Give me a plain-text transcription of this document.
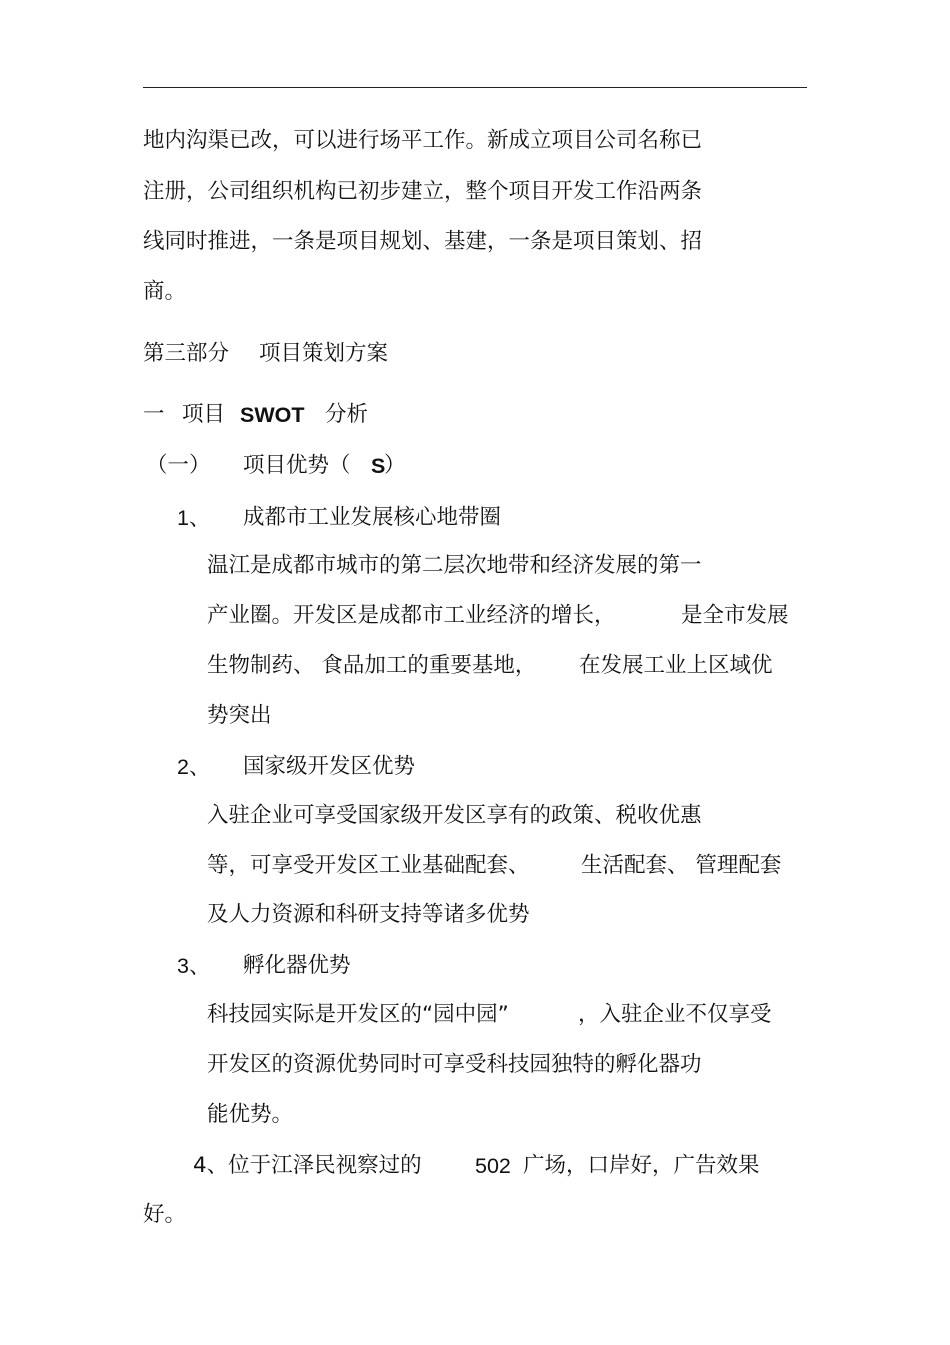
地内沟渠已改，可以进行场平工作。新成立项目公司名称已
注册，公司组织机构已初步建立，整个项目开发工作沿两条
线同时推进，一条是项目规划、基建，一条是项目策划、招
商。
第三部分 项目策划方案
一 项目 SWOT 分析
（一） 项目优势（ S
）
1、 成都市工业发展核心地带圈
温江是成都市城市的第二层次地带和经济发展的第一
产业圈。开发区是成都市工业经济的增长，	是全市发展
生物制药、 食品加工的重要基地， 在发展工业上区域优
势突出
2、 国家级开发区优势
入驻企业可享受国家级开发区享有的政策、税收优惠
等，可享受开发区工业基础配套、 生活配套、 管理配套
及人力资源和科研支持等诸多优势
3、 孵化器优势
科技园实际是开发区的“园中园”	，入驻企业不仅享受
开发区的资源优势同时可享受科技园独特的孵化器功
能优势。
4、位于江泽民视察过的 502 广场，口岸好，广告效果
好。
